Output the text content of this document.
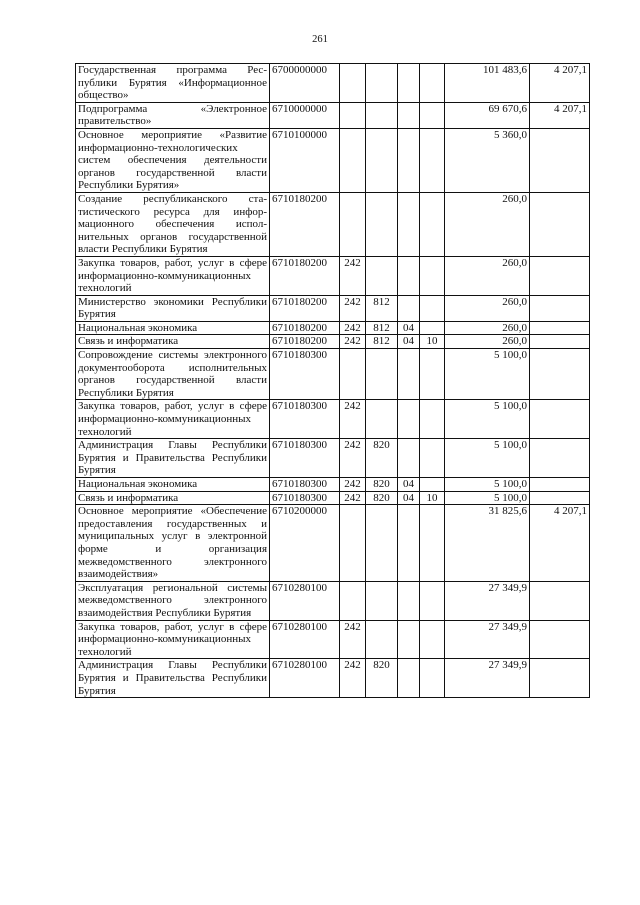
261
Государственная программа Республики Бурятия «Информационное общество»	6700000000					101 483,6	4 207,1
Подпрограмма «Электронное правительство»	6710000000					69 670,6	4 207,1
Основное мероприятие «Развитие информационно-технологических систем обеспечения деятельности органов государственной власти Республики Бурятия»	6710100000					5 360,0	
Создание республиканского статистического ресурса для информационного обеспечения исполнительных органов государственной власти Республики Бурятия	6710180200					260,0	
Закупка товаров, работ, услуг в сфере информационно-коммуникационных технологий	6710180200	242				260,0	
Министерство экономики Республики Бурятия	6710180200	242	812			260,0	
Национальная экономика	6710180200	242	812	04		260,0	
Связь и информатика	6710180200	242	812	04	10	260,0	
Сопровождение системы электронного документооборота исполнительных органов государственной власти Республики Бурятия	6710180300					5 100,0	
Закупка товаров, работ, услуг в сфере информационно-коммуникационных технологий	6710180300	242				5 100,0	
Администрация Главы Республики Бурятия и Правительства Республики Бурятия	6710180300	242	820			5 100,0	
Национальная экономика	6710180300	242	820	04		5 100,0	
Связь и информатика	6710180300	242	820	04	10	5 100,0	
Основное мероприятие «Обеспечение предоставления государственных и муниципальных услуг в электронной форме и организация межведомственного электронного взаимодействия»	6710200000					31 825,6	4 207,1
Эксплуатация региональной системы межведомственного электронного взаимодействия Республики Бурятия	6710280100					27 349,9	
Закупка товаров, работ, услуг в сфере информационно-коммуникационных технологий	6710280100	242				27 349,9	
Администрация Главы Республики Бурятия и Правительства Республики Бурятия	6710280100	242	820			27 349,9	
